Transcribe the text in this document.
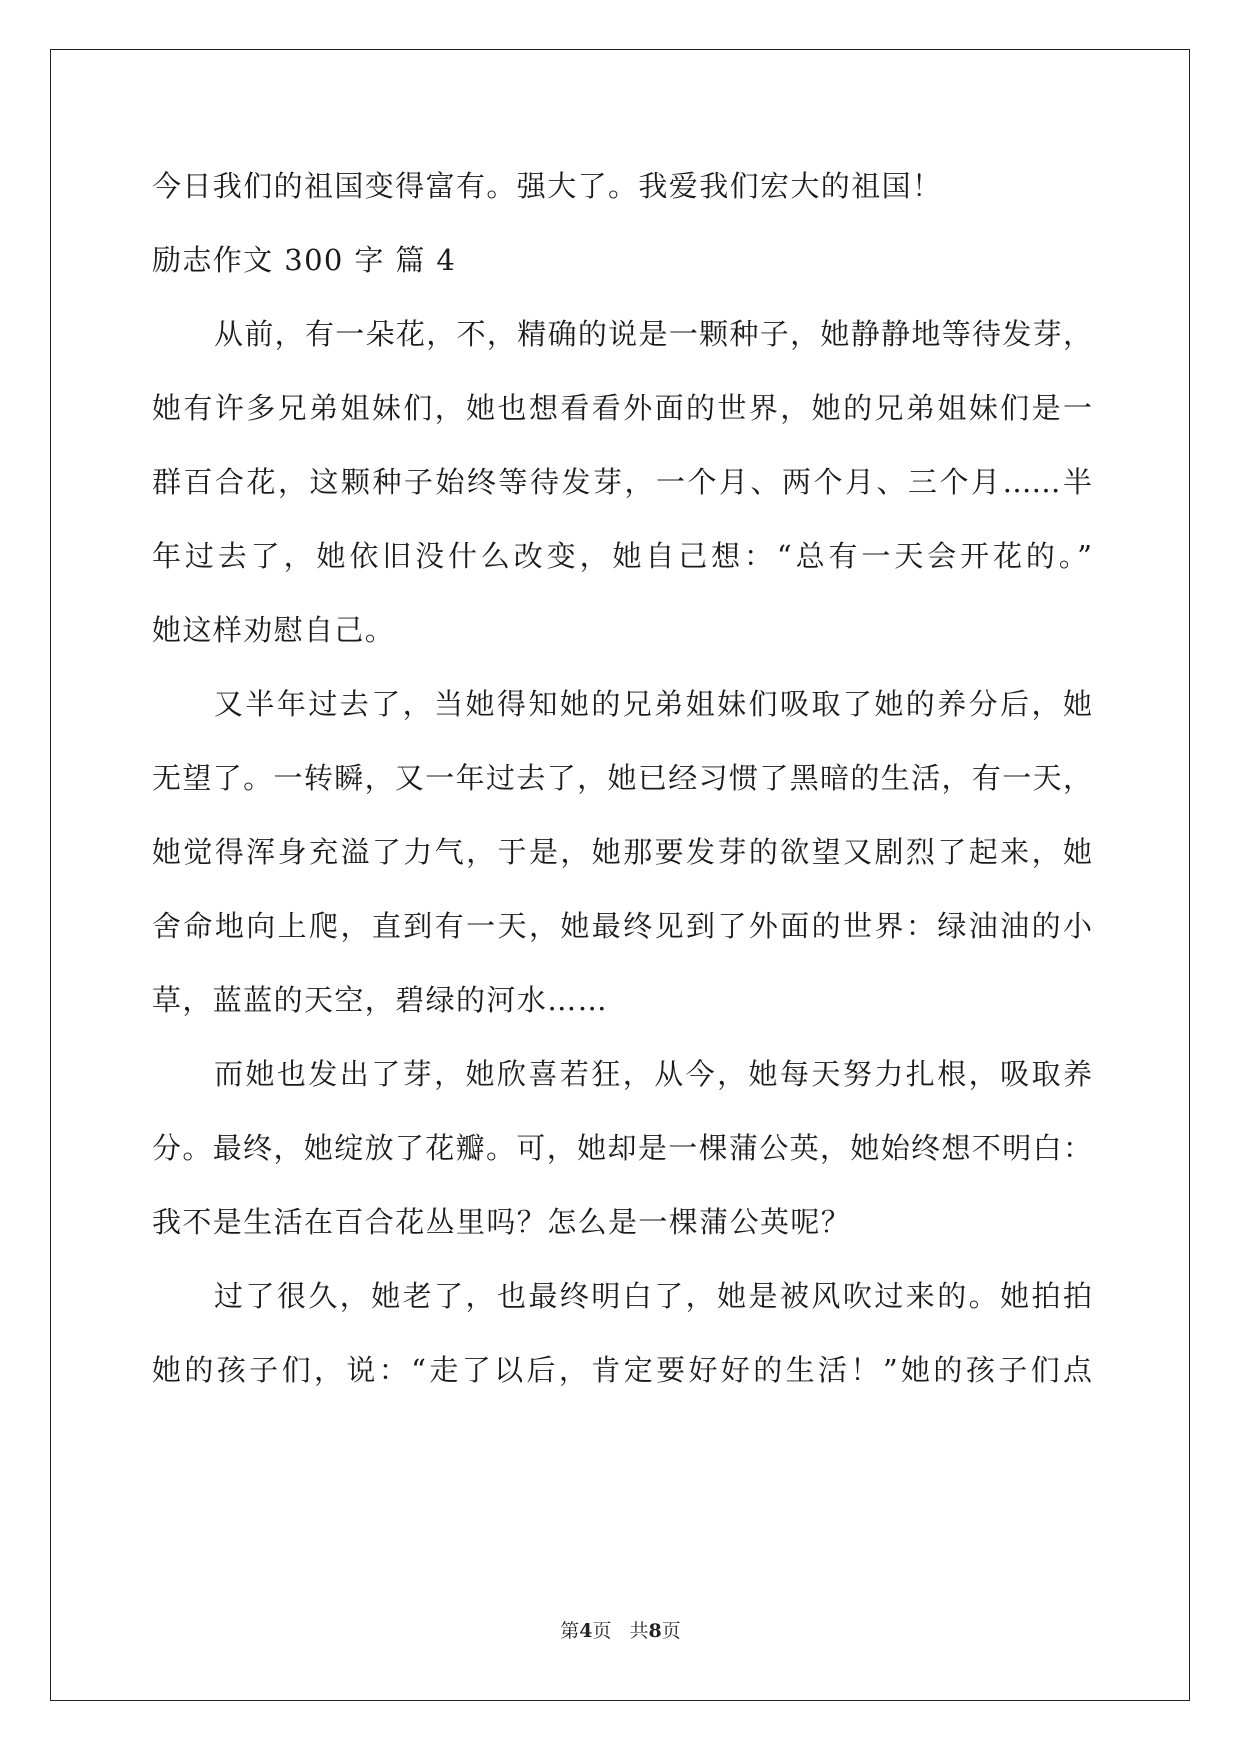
今日我们的祖国变得富有。强大了。我爱我们宏大的祖国！
励志作文 300 字 篇 4
从前，有一朵花，不，精确的说是一颗种子，她静静地等待发芽，
她有许多兄弟姐妹们，她也想看看外面的世界，她的兄弟姐妹们是一
群百合花，这颗种子始终等待发芽，一个月、两个月、三个月……半
年过去了，她依旧没什么改变，她自己想：“总有一天会开花的。”
她这样劝慰自己。
又半年过去了，当她得知她的兄弟姐妹们吸取了她的养分后，她
无望了。一转瞬，又一年过去了，她已经习惯了黑暗的生活，有一天，
她觉得浑身充溢了力气，于是，她那要发芽的欲望又剧烈了起来，她
舍命地向上爬，直到有一天，她最终见到了外面的世界：绿油油的小
草，蓝蓝的天空，碧绿的河水……
而她也发出了芽，她欣喜若狂，从今，她每天努力扎根，吸取养
分。最终，她绽放了花瓣。可，她却是一棵蒲公英，她始终想不明白：
我不是生活在百合花丛里吗？怎么是一棵蒲公英呢？
过了很久，她老了，也最终明白了，她是被风吹过来的。她拍拍
她的孩子们，说：“走了以后，肯定要好好的生活！”她的孩子们点
第4页 共8页
